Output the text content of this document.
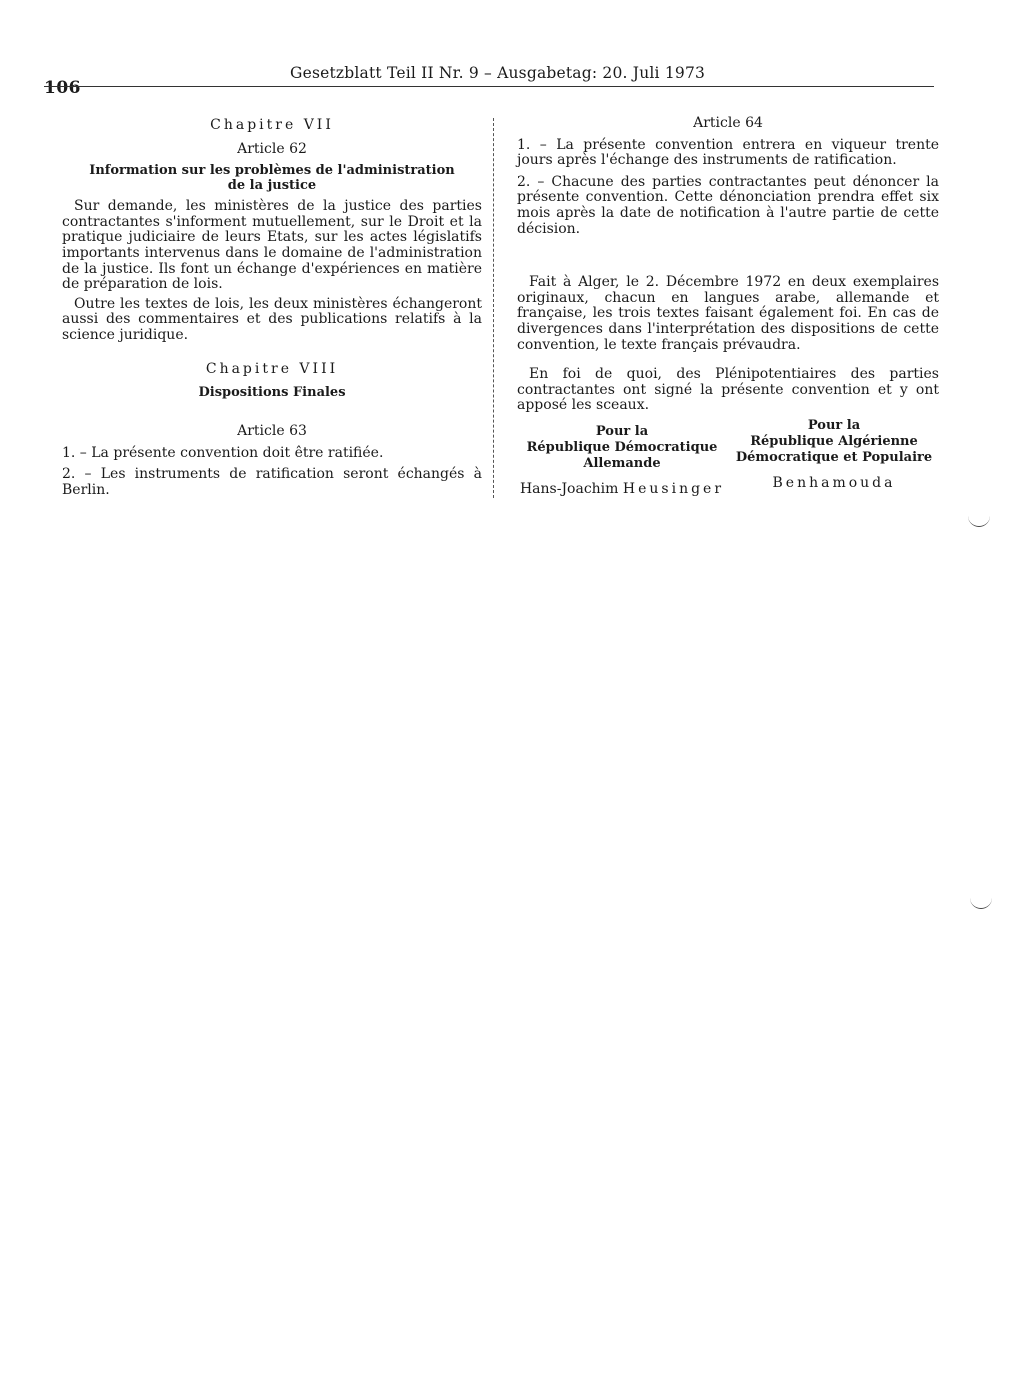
106
Gesetzblatt Teil II Nr. 9 – Ausgabetag: 20. Juli 1973
Chapitre VII
Article 62
Information sur les problèmes de l'administration
de la justice

Sur demande, les ministères de la justice des parties contractantes s'informent mutuellement, sur le Droit et la pratique judiciaire de leurs Etats, sur les actes législatifs importants intervenus dans le domaine de l'administration de la justice. Ils font un échange d'expériences en matière de préparation de lois.

Outre les textes de lois, les deux ministères échangeront aussi des commentaires et des publications relatifs à la science juridique.

Chapitre VIII
Dispositions Finales
Article 63
1. – La présente convention doit être ratifiée.
2. – Les instruments de ratification seront échangés à Berlin.
Article 64
1. – La présente convention entrera en viqueur trente jours après l'échange des instruments de ratification.
2. – Chacune des parties contractantes peut dénoncer la présente convention. Cette dénonciation prendra effet six mois après la date de notification à l'autre partie de cette décision.

Fait à Alger, le 2. Décembre 1972 en deux exemplaires originaux, chacun en langues arabe, allemande et française, les trois textes faisant également foi. En cas de divergences dans l'interprétation des dispositions de cette convention, le texte français prévaudra.

En foi de quoi, des Plénipotentiaires des parties contractantes ont signé la présente convention et y ont apposé les sceaux.

Pour la
République Démocratique
Allemande
Hans-Joachim Heusinger
Pour la
République Algérienne
Démocratique et Populaire
Benhamouda
